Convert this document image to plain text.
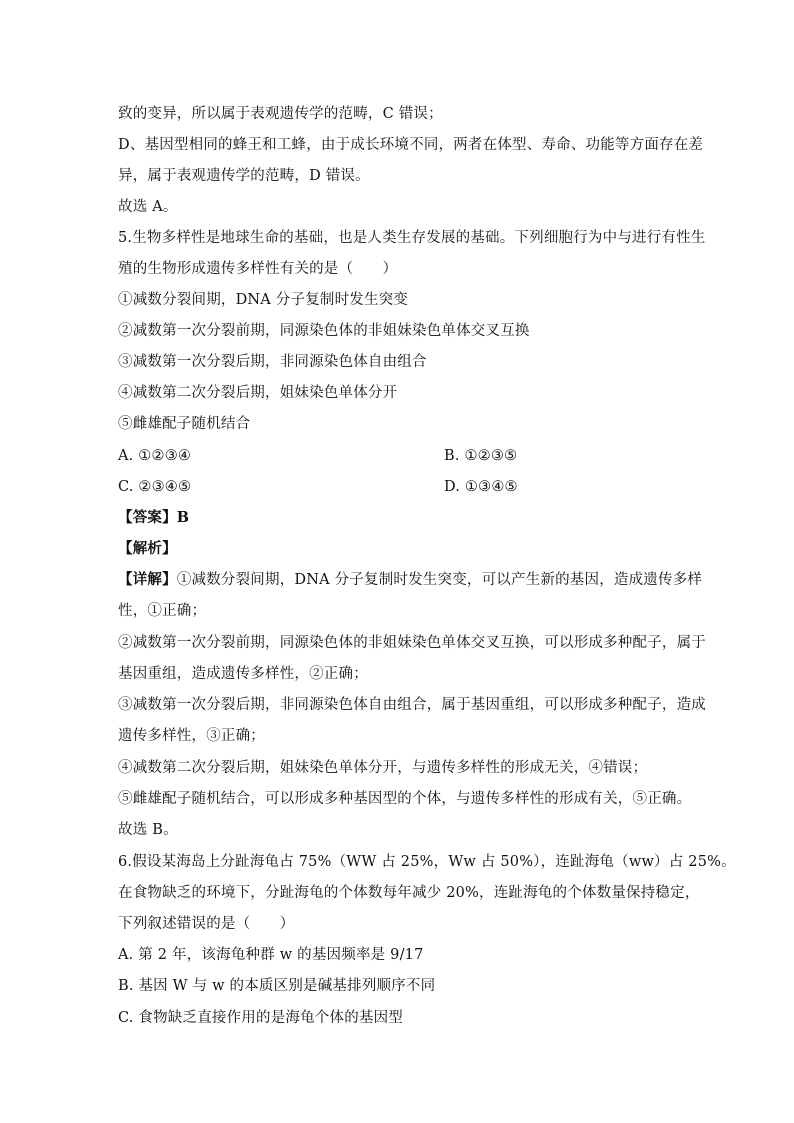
致的变异，所以属于表观遗传学的范畴，C 错误；
D、基因型相同的蜂王和工蜂，由于成长环境不同，两者在体型、寿命、功能等方面存在差
异，属于表观遗传学的范畴，D 错误。
故选 A。
5.生物多样性是地球生命的基础，也是人类生存发展的基础。下列细胞行为中与进行有性生
殖的生物形成遗传多样性有关的是（　　）
①减数分裂间期，DNA 分子复制时发生突变
②减数第一次分裂前期，同源染色体的非姐妹染色单体交叉互换
③减数第一次分裂后期，非同源染色体自由组合
④减数第二次分裂后期，姐妹染色单体分开
⑤雌雄配子随机结合
A. ①②③④	B. ①②③⑤
C. ②③④⑤	D. ①③④⑤
【答案】B
【解析】
【详解】①减数分裂间期，DNA 分子复制时发生突变，可以产生新的基因，造成遗传多样
性，①正确；
②减数第一次分裂前期，同源染色体的非姐妹染色单体交叉互换，可以形成多种配子，属于
基因重组，造成遗传多样性，②正确；
③减数第一次分裂后期，非同源染色体自由组合，属于基因重组，可以形成多种配子，造成
遗传多样性，③正确；
④减数第二次分裂后期，姐妹染色单体分开，与遗传多样性的形成无关，④错误；
⑤雌雄配子随机结合，可以形成多种基因型的个体，与遗传多样性的形成有关，⑤正确。
故选 B。
6.假设某海岛上分趾海龟占 75%（WW 占 25%，Ww 占 50%），连趾海龟（ww）占 25%。
在食物缺乏的环境下，分趾海龟的个体数每年减少 20%，连趾海龟的个体数量保持稳定，
下列叙述错误的是（　　）
A. 第 2 年，该海龟种群 w 的基因频率是 9/17
B. 基因 W 与 w 的本质区别是碱基排列顺序不同
C. 食物缺乏直接作用的是海龟个体的基因型
